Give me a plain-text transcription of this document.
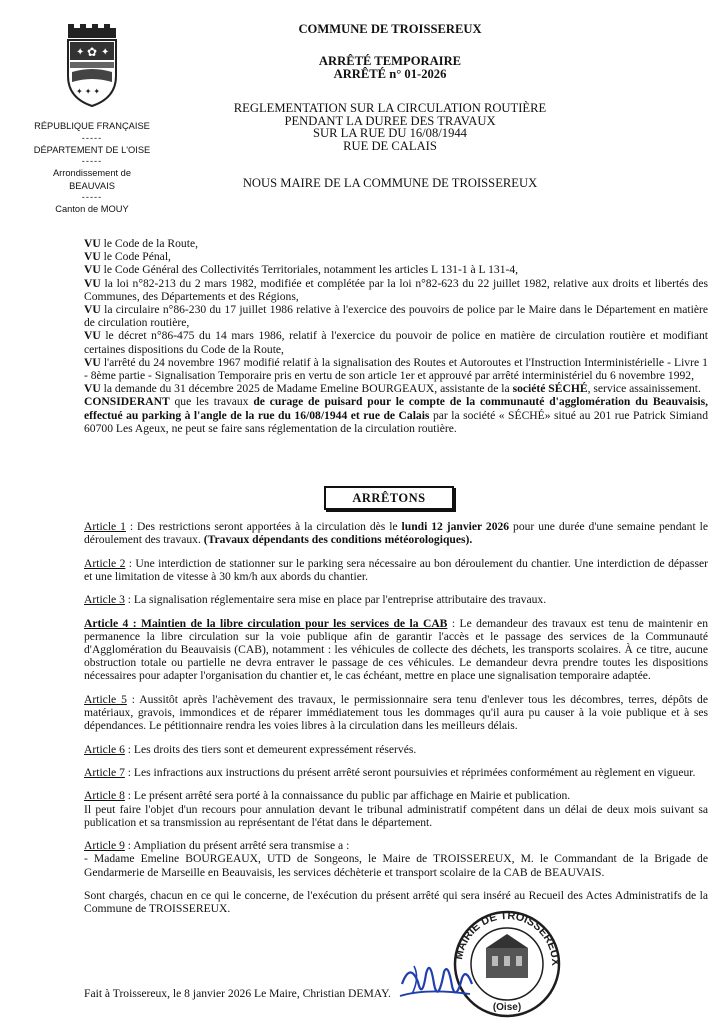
✦ ✿ ✦
✦ ✦ ✦
RÉPUBLIQUE FRANÇAISE
-----
DÉPARTEMENT DE L'OISE
-----
Arrondissement de
BEAUVAIS
-----
Canton de MOUY
COMMUNE DE TROISSEREUX
ARRÊTÉ TEMPORAIRE
ARRÊTÉ n° 01-2026
REGLEMENTATION SUR LA CIRCULATION ROUTIÈRE
PENDANT LA DUREE DES TRAVAUX
SUR LA RUE DU 16/08/1944
RUE DE CALAIS
NOUS MAIRE DE LA COMMUNE DE TROISSEREUX

VU le Code de la Route,

VU le Code Pénal,

VU le Code Général des Collectivités Territoriales, notamment les articles L 131-1 à L 131-4,

VU la loi n°82-213 du 2 mars 1982, modifiée et complétée par la loi n°82-623 du 22 juillet 1982, relative aux droits et libertés des Communes, des Départements et des Régions,

VU la circulaire n°86-230 du 17 juillet 1986 relative à l'exercice des pouvoirs de police par le Maire dans le Département en matière de circulation routière,

VU le décret n°86-475 du 14 mars 1986, relatif à l'exercice du pouvoir de police en matière de circulation routière et modifiant certaines dispositions du Code de la Route,

VU l'arrêté du 24 novembre 1967 modifié relatif à la signalisation des Routes et Autoroutes et l'Instruction Interministérielle - Livre 1 - 8ème partie - Signalisation Temporaire pris en vertu de son article 1er et approuvé par arrêté interministériel du 6 novembre 1992,

VU la demande du 31 décembre 2025 de Madame Emeline BOURGEAUX, assistante de la société SÉCHÉ, service assainissement.

CONSIDERANT que les travaux de curage de puisard pour le compte de la communauté d'agglomération du Beauvaisis, effectué au parking à l'angle de la rue du 16/08/1944 et rue de Calais par la société « SÉCHÉ» situé au 201 rue Patrick Simiand 60700 Les Ageux, ne peut se faire sans réglementation de la circulation routière.

ARRÊTONS

Article 1 : Des restrictions seront apportées à la circulation dès le lundi 12 janvier 2026 pour une durée d'une semaine pendant le déroulement des travaux. (Travaux dépendants des conditions météorologiques).

Article 2 : Une interdiction de stationner sur le parking sera nécessaire au bon déroulement du chantier. Une interdiction de dépasser et une limitation de vitesse à 30 km/h aux abords du chantier.

Article 3 : La signalisation réglementaire sera mise en place par l'entreprise attributaire des travaux.

Article 4 : Maintien de la libre circulation pour les services de la CAB : Le demandeur des travaux est tenu de maintenir en permanence la libre circulation sur la voie publique afin de garantir l'accès et le passage des services de la Communauté d'Agglomération du Beauvaisis (CAB), notamment : les véhicules de collecte des déchets, les transports scolaires. À ce titre, aucune obstruction totale ou partielle ne devra entraver le passage de ces véhicules. Le demandeur devra prendre toutes les dispositions nécessaires pour adapter l'organisation du chantier et, le cas échéant, mettre en place une signalisation temporaire adaptée.

Article 5 : Aussitôt après l'achèvement des travaux, le permissionnaire sera tenu d'enlever tous les décombres, terres, dépôts de matériaux, gravois, immondices et de réparer immédiatement tous les dommages qu'il aura pu causer à la voie publique et à ses dépendances. Le pétitionnaire rendra les voies libres à la circulation dans les meilleurs délais.

Article 6 : Les droits des tiers sont et demeurent expressément réservés.

Article 7 : Les infractions aux instructions du présent arrêté seront poursuivies et réprimées conformément au règlement en vigueur.

Article 8 : Le présent arrêté sera porté à la connaissance du public par affichage en Mairie et publication.
Il peut faire l'objet d'un recours pour annulation devant le tribunal administratif compétent dans un délai de deux mois suivant sa publication et sa transmission au représentant de l'état dans le département.

Article 9 : Ampliation du présent arrêté sera transmise a :
- Madame Emeline BOURGEAUX, UTD de Songeons, le Maire de TROISSEREUX, M. le Commandant de la Brigade de Gendarmerie de Marseille en Beauvaisis, les services déchèterie et transport scolaire de la CAB de BEAUVAIS.

Sont chargés, chacun en ce qui le concerne, de l'exécution du présent arrêté qui sera inséré au Recueil des Actes Administratifs de la Commune de TROISSEREUX.

MAIRIE DE TROISSEREUX
(Oise)
Fait à Troissereux, le 8 janvier 2026 Le Maire, Christian DEMAY.
